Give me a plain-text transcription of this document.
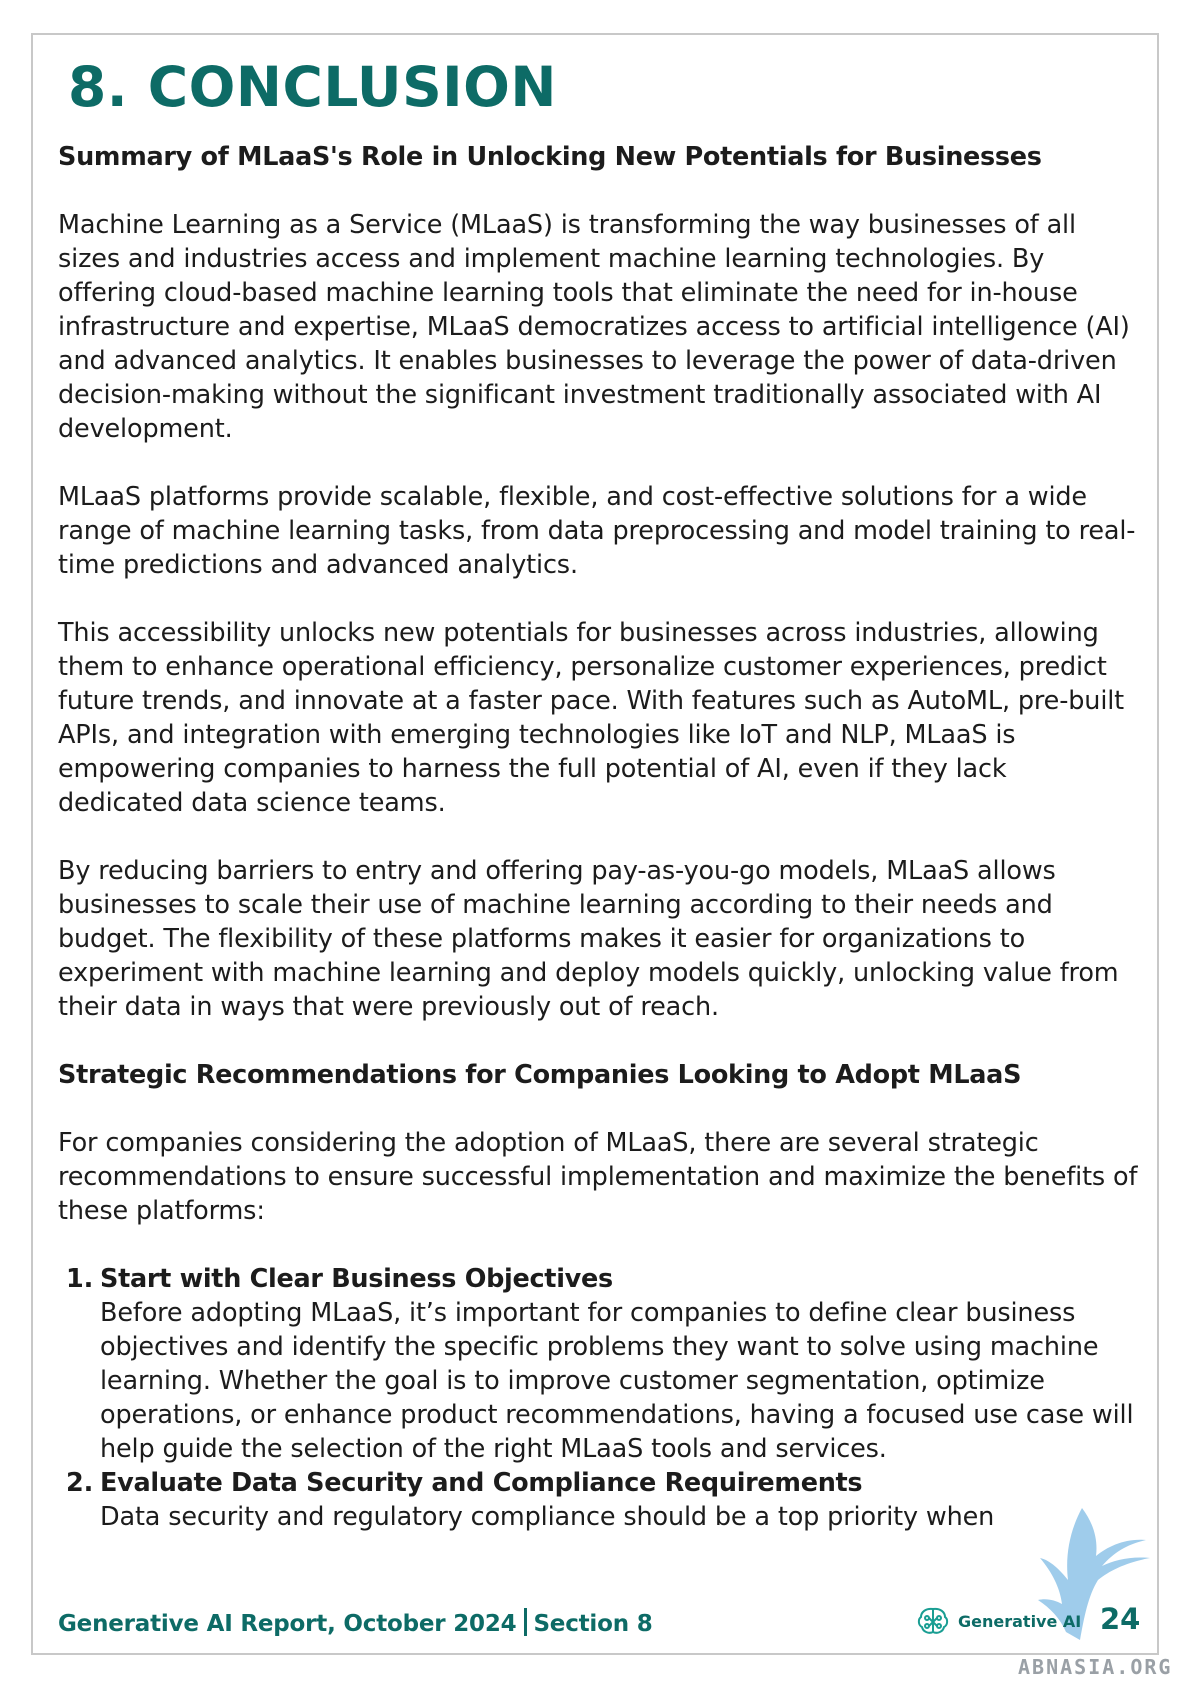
8. CONCLUSION
Summary of MLaaS's Role in Unlocking New Potentials for Businesses

Machine Learning as a Service (MLaaS) is transforming the way businesses of all sizes and industries access and implement machine learning technologies. By offering cloud-based machine learning tools that eliminate the need for in-house infrastructure and expertise, MLaaS democratizes access to artificial intelligence (AI) and advanced analytics. It enables businesses to leverage the power of data-driven decision-making without the significant investment traditionally associated with AI development.

MLaaS platforms provide scalable, flexible, and cost-effective solutions for a wide range of machine learning tasks, from data preprocessing and model training to real-time predictions and advanced analytics.

This accessibility unlocks new potentials for businesses across industries, allowing them to enhance operational efficiency, personalize customer experiences, predict future trends, and innovate at a faster pace. With features such as AutoML, pre-built APIs, and integration with emerging technologies like IoT and NLP, MLaaS is empowering companies to harness the full potential of AI, even if they lack dedicated data science teams.

By reducing barriers to entry and offering pay-as-you-go models, MLaaS allows businesses to scale their use of machine learning according to their needs and budget. The flexibility of these platforms makes it easier for organizations to experiment with machine learning and deploy models quickly, unlocking value from their data in ways that were previously out of reach.

Strategic Recommendations for Companies Looking to Adopt MLaaS

For companies considering the adoption of MLaaS, there are several strategic recommendations to ensure successful implementation and maximize the benefits of these platforms:

1. Start with Clear Business Objectives
Before adopting MLaaS, it’s important for companies to define clear business objectives and identify the specific problems they want to solve using machine learning. Whether the goal is to improve customer segmentation, optimize operations, or enhance product recommendations, having a focused use case will help guide the selection of the right MLaaS tools and services.
2. Evaluate Data Security and Compliance Requirements
Data security and regulatory compliance should be a top priority when
Generative AI Report, October 2024 Section 8	Generative AI 24
ABNASIA.ORG
